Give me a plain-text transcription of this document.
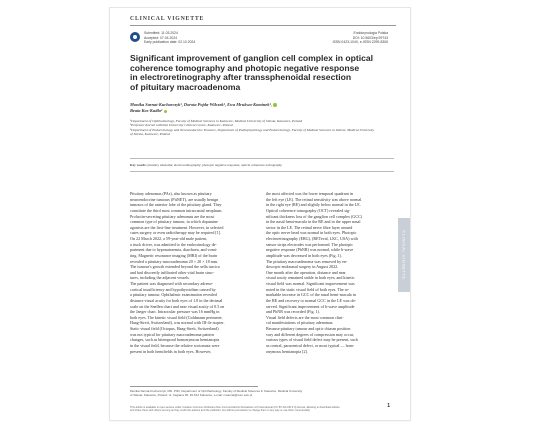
CLINICAL VIGNETTE
Submitted: 11.03.2024
Accepted: 07.04.2024
Early publication date: 02.10.2024
Endokrynologia Polska
DOI: 10.5603/ep.99743
ISSN 0423-104X, e-ISSN 2299-8306
Significant improvement of ganglion cell complex in optical
coherence tomography and photopic negative response
in electroretinography after transsphenoidal resection
of pituitary macroadenoma
Monika Sarnat-Kucharczyk¹, Dorota Pojda-Wilczek¹, Ewa Mrukwa-Kominek¹,
Beata Kos-Kudła²
¹Department of Ophthalmology, Faculty of Medical Sciences in Katowice, Medical University of Silesia, Katowice, Poland
²Professor Kornel Gibiński University Clinical Centre, Katowice, Poland
³Department of Endocrinology and Neuroendocrine Tumours, Department of Pathophysiology and Endocrinology, Faculty of Medical Sciences in Zabrze, Medical University
of Silesia, Katowice, Poland
Key words: pituitary adenoma; electroretinography; photopic negative response; optical coherence tomography
Pituitary adenomas (PAs), also known as pituitary
neuroendocrine tumours (PitNET), are usually benign
tumours of the anterior lobe of the pituitary gland. They
constitute the third most common intracranial neoplasm.
Prolactin-secreting pituitary adenomas are the most
common type of pituitary tumour, in which dopamine
agonists are the first-line treatment. However, in selected
cases surgery or even radiotherapy may be required [1].
On 22 March 2022, a 59-year-old male patient,
a truck driver, was admitted to the endocrinology de-
partment due to hyponatraemia, diarrhoea, and vomi-
ting. Magnetic resonance imaging (MRI) of the brain
revealed a pituitary macroadenoma 20 × 20 × 18 mm.
The tumour's growth extended beyond the sella turcica
and had discreetly infiltrated other vital brain struc-
tures, including the adjacent vessels.
The patient was diagnosed with secondary adreno-
cortical insufficiency and hypothyroidism caused by
a pituitary tumour. Ophthalmic examination revealed
distance visual acuity for both eyes of 1.0 in the decimal
scale on the Snellen chart and near visual acuity of 0.5 on
the Jaeger chart. Intraocular pressure was 16 mmHg in
both eyes. The kinetic visual field (Goldmann perimeter,
Haag-Streit, Switzerland), was normal with III-4e isopter.
Static visual field (Octopus, Haag-Streit, Switzerland)
was not typical for pituitary macroadenoma pattern
changes, such as bitemporal homonymous hemianopia
in the visual field, because the relative scotomata were
present in both hemifields in both eyes. However,
the most affected was the lower temporal quadrant in
the left eye (LE). The retinal sensitivity was above normal
in the right eye (RE) and slightly below normal in the LE.
Optical coherence tomography (OCT) revealed sig-
nificant thickness loss of the ganglion cell complex (GCC)
in the nasal hemi-macula in the RE and in the upper nasal
sector in the LE. The retinal nerve fibre layer around
the optic nerve head was normal in both eyes. Photopic
electroretinography (ERG), (RETeval, LKC, USA) with
sensor strips electrodes was performed. The photopic
negative response (PhNR) was normal, while b-wave
amplitude was decreased in both eyes (Fig. 1).
The pituitary macroadenoma was removed by en-
doscopic endonasal surgery in August 2022.
One month after the operation, distance and near
visual acuity remained stable in both eyes, and kinetic
visual field was normal. Significant improvement was
noted in the static visual field of both eyes. The re-
markable increase in GCC of the nasal hemi-macula in
the RE and recovery to normal GCC in the LE was ob-
served. Significant improvement of b-wave amplitude
and PhNR was recorded (Fig. 1).
Visual field defects are the most common clini-
cal manifestations of pituitary adenomas.
Because pituitary tumour and optic chiasm position
vary and different degrees of compression may occur,
various types of visual field defect may be present, such
as central, paracentral defect, or most typical — hom-
onymous hemianopia [2].
Monika Sarnat-Kucharczyk, MD, PhD, Department of Ophthalmology, Faculty of Medical Sciences in Katowice, Medical University
of Silesia, Katowice, Poland; ul. Ceglana 35, 40-514 Katowice; e-mail: msarnat@sum.edu.pl
This article is available in open access under Creative Common Attribution-Non-Commercial-No Derivatives 4.0 International (CC BY-NC-ND 4.0) license, allowing to download articles
and share them with others as long as they credit the authors and the publisher, but without permission to change them in any way or use them commercially.
1
CLINICAL VIGNETTE
